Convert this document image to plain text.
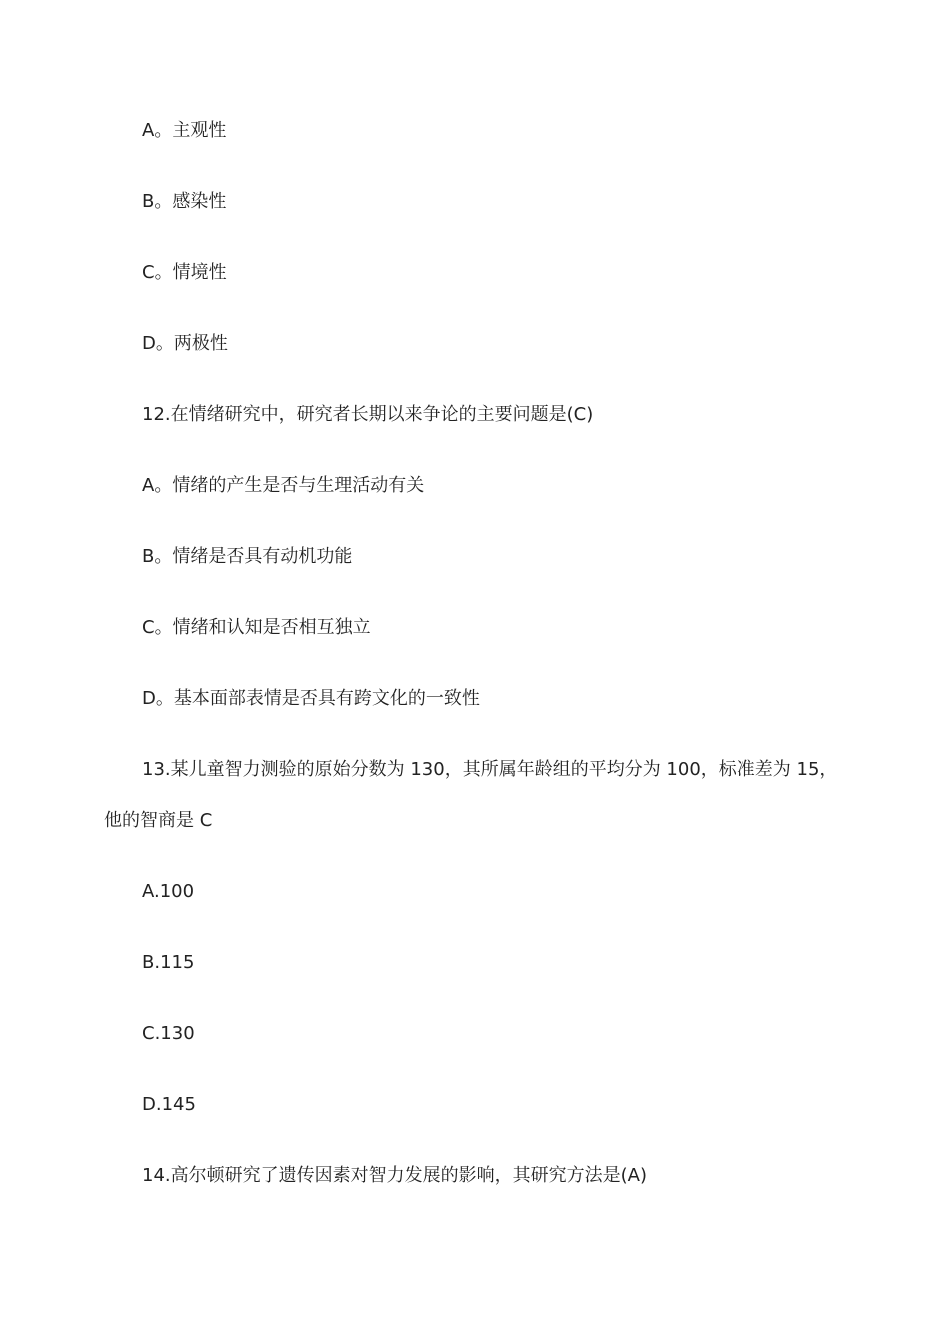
A。主观性
B。感染性
C。情境性
D。两极性
12.在情绪研究中，研究者长期以来争论的主要问题是(C)
A。情绪的产生是否与生理活动有关
B。情绪是否具有动机功能
C。情绪和认知是否相互独立
D。基本面部表情是否具有跨文化的一致性
13.某儿童智力测验的原始分数为 130，其所属年龄组的平均分为 100，标准差为 15，
他的智商是 C
A.100
B.115
C.130
D.145
14.高尔顿研究了遗传因素对智力发展的影响，其研究方法是(A)
